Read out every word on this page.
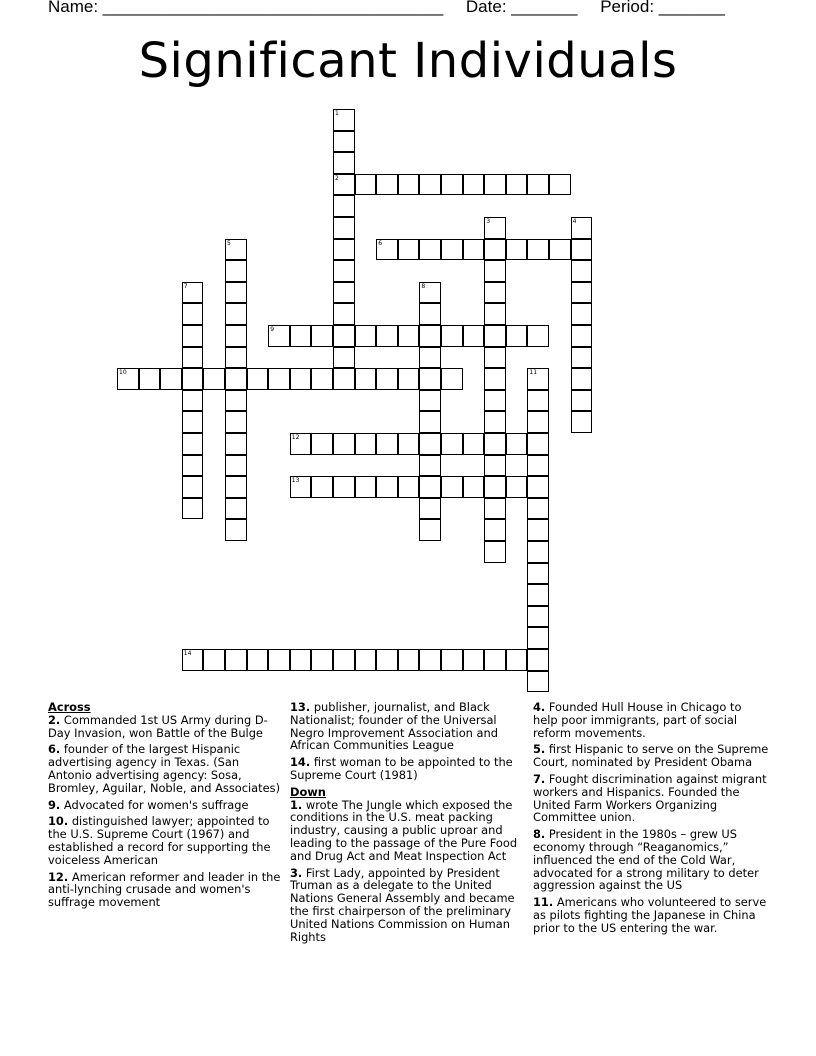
Name: ____________________________________ Date: _______ Period: _______
Significant Individuals
1
2
3	4
5	6
7	8
9
10	11
12
13
14
Across
2. Commanded 1st US Army during D-Day Invasion, won Battle of the Bulge
6. founder of the largest Hispanic advertising agency in Texas. (San Antonio advertising agency: Sosa, Bromley, Aguilar, Noble, and Associates)
9. Advocated for women's suffrage
10. distinguished lawyer; appointed to the U.S. Supreme Court (1967) and established a record for supporting the voiceless American
12. American reformer and leader in the anti-lynching crusade and women's suffrage movement
13. publisher, journalist, and Black Nationalist; founder of the Universal Negro Improvement Association and African Communities League
14. first woman to be appointed to the Supreme Court (1981)
Down
1. wrote The Jungle which exposed the conditions in the U.S. meat packing industry, causing a public uproar and leading to the passage of the Pure Food and Drug Act and Meat Inspection Act
3. First Lady, appointed by President Truman as a delegate to the United Nations General Assembly and became the first chairperson of the preliminary United Nations Commission on Human Rights
4. Founded Hull House in Chicago to help poor immigrants, part of social reform movements.
5. first Hispanic to serve on the Supreme Court, nominated by President Obama
7. Fought discrimination against migrant workers and Hispanics. Founded the United Farm Workers Organizing Committee union.
8. President in the 1980s – grew US economy through “Reaganomics,” influenced the end of the Cold War, advocated for a strong military to deter aggression against the US
11. Americans who volunteered to serve as pilots fighting the Japanese in China prior to the US entering the war.
